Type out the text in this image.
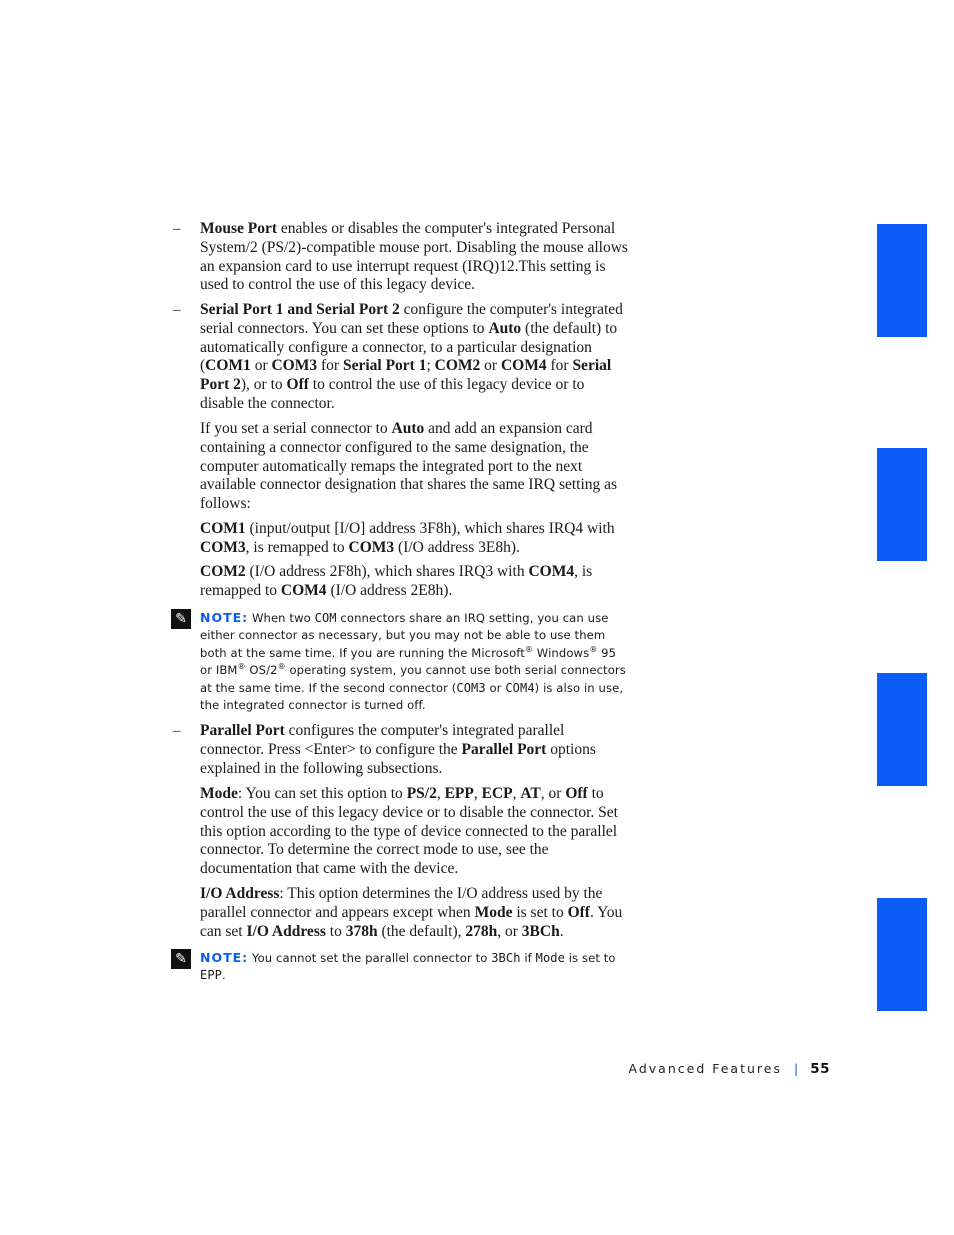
– Mouse Port enables or disables the computer's integrated Personal System/2 (PS/2)-compatible mouse port. Disabling the mouse allows an expansion card to use interrupt request (IRQ)12.This setting is used to control the use of this legacy device.

– Serial Port 1 and Serial Port 2 configure the computer's integrated serial connectors. You can set these options to Auto (the default) to automatically configure a connector, to a particular designation (COM1 or COM3 for Serial Port 1; COM2 or COM4 for Serial Port 2), or to Off to control the use of this legacy device or to disable the connector.

If you set a serial connector to Auto and add an expansion card containing a connector configured to the same designation, the computer automatically remaps the integrated port to the next available connector designation that shares the same IRQ setting as follows:

COM1 (input/output [I/O] address 3F8h), which shares IRQ4 with COM3, is remapped to COM3 (I/O address 3E8h).

COM2 (I/O address 2F8h), which shares IRQ3 with COM4, is remapped to COM4 (I/O address 2E8h).

✎	NOTE: When two COM connectors share an IRQ setting, you can use either connector as necessary, but you may not be able to use them both at the same time. If you are running the Microsoft® Windows® 95 or IBM® OS/2® operating system, you cannot use both serial connectors at the same time. If the second connector (COM3 or COM4) is also in use, the integrated connector is turned off.

– Parallel Port configures the computer's integrated parallel connector. Press <Enter> to configure the Parallel Port options explained in the following subsections.

Mode: You can set this option to PS/2, EPP, ECP, AT, or Off to control the use of this legacy device or to disable the connector. Set this option according to the type of device connected to the parallel connector. To determine the correct mode to use, see the documentation that came with the device.

I/O Address: This option determines the I/O address used by the parallel connector and appears except when Mode is set to Off. You can set I/O Address to 378h (the default), 278h, or 3BCh.

✎	NOTE: You cannot set the parallel connector to 3BCh if Mode is set to EPP.

Advanced Features | 55
